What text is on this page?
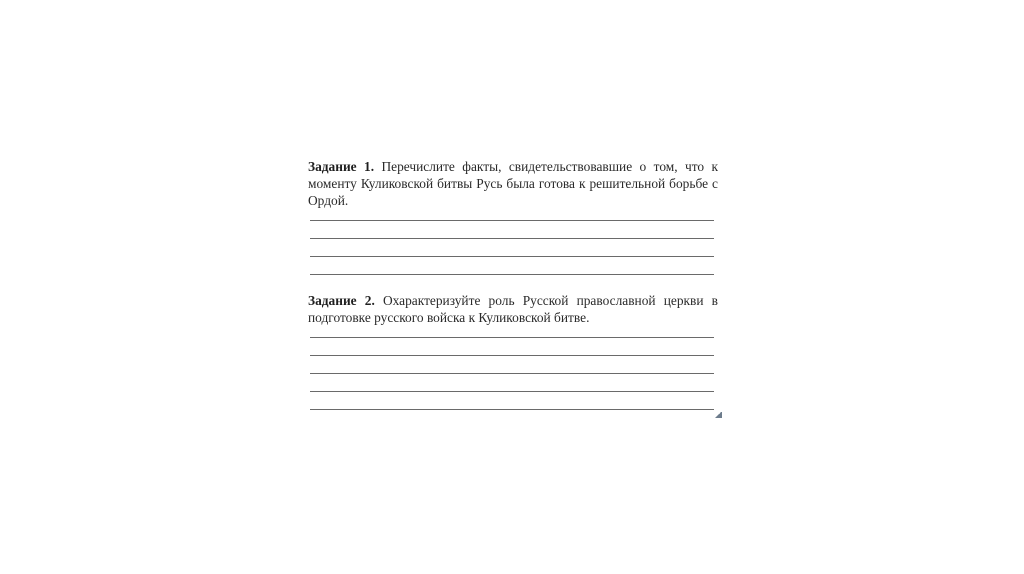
Задание 1. Перечислите факты, свидетельствовавшие о том, что к моменту Куликовской битвы Русь была готова к решительной борьбе с Ордой.
Задание 2. Охарактеризуйте роль Русской православной церкви в подготовке русского войска к Куликовской битве.
